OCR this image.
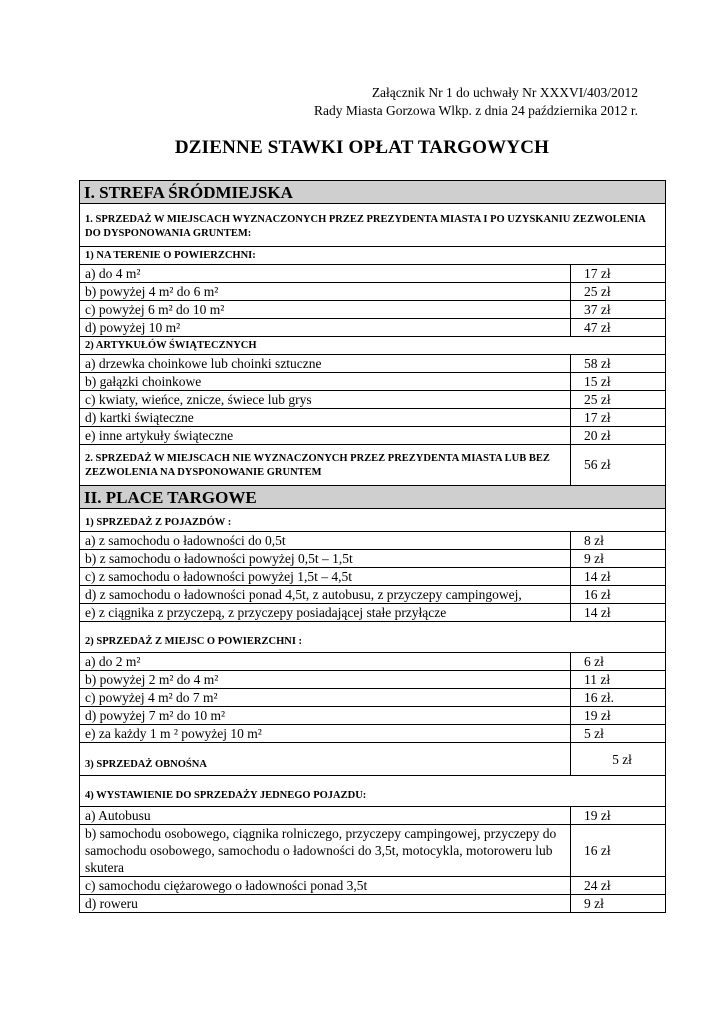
Załącznik Nr 1 do uchwały Nr XXXVI/403/2012
Rady Miasta Gorzowa Wlkp. z dnia 24 października 2012 r.
DZIENNE STAWKI OPŁAT TARGOWYCH
I. STREFA ŚRÓDMIEJSKA	
1. SPRZEDAŻ W MIEJSCACH WYZNACZONYCH PRZEZ PREZYDENTA MIASTA I PO UZYSKANIU ZEZWOLENIA DO DYSPONOWANIA GRUNTEM:	
1) NA TERENIE O POWIERZCHNI:	
a) do 4 m²	17 zł
b) powyżej 4 m² do 6 m²	25 zł
c) powyżej 6 m² do 10 m²	37 zł
d) powyżej 10 m²	47 zł
2) ARTYKUŁÓW ŚWIĄTECZNYCH	
a) drzewka choinkowe lub choinki sztuczne	58 zł
b) gałązki choinkowe	15 zł
c) kwiaty, wieńce, znicze, świece lub grys	25 zł
d) kartki świąteczne	17 zł
e) inne artykuły świąteczne	20 zł
2. SPRZEDAŻ W MIEJSCACH NIE WYZNACZONYCH PRZEZ PREZYDENTA MIASTA LUB BEZ ZEZWOLENIA NA DYSPONOWANIE GRUNTEM	56 zł
II. PLACE TARGOWE	
1) SPRZEDAŻ Z POJAZDÓW :	
a) z samochodu o ładowności do 0,5t	8 zł
b) z samochodu o ładowności powyżej 0,5t – 1,5t	9 zł
c) z samochodu o ładowności powyżej 1,5t – 4,5t	14 zł
d) z samochodu o ładowności ponad 4,5t, z autobusu, z przyczepy campingowej,	16 zł
e) z ciągnika z przyczepą, z przyczepy posiadającej stałe przyłącze	14 zł
2) SPRZEDAŻ Z MIEJSC O POWIERZCHNI :	
a) do 2 m²	6 zł
b) powyżej 2 m² do 4 m²	11 zł
c) powyżej 4 m² do 7 m²	16 zł.
d) powyżej 7 m² do 10 m²	19 zł
e) za każdy 1 m ² powyżej 10 m²	5 zł
3) SPRZEDAŻ OBNOŚNA	5 zł
4) WYSTAWIENIE DO SPRZEDAŻY JEDNEGO POJAZDU:	
a) Autobusu	19 zł
b) samochodu osobowego, ciągnika rolniczego, przyczepy campingowej, przyczepy do samochodu osobowego, samochodu o ładowności do 3,5t, motocykla, motoroweru lub skutera	16 zł
c) samochodu ciężarowego o ładowności ponad 3,5t	24 zł
d) roweru	9 zł
